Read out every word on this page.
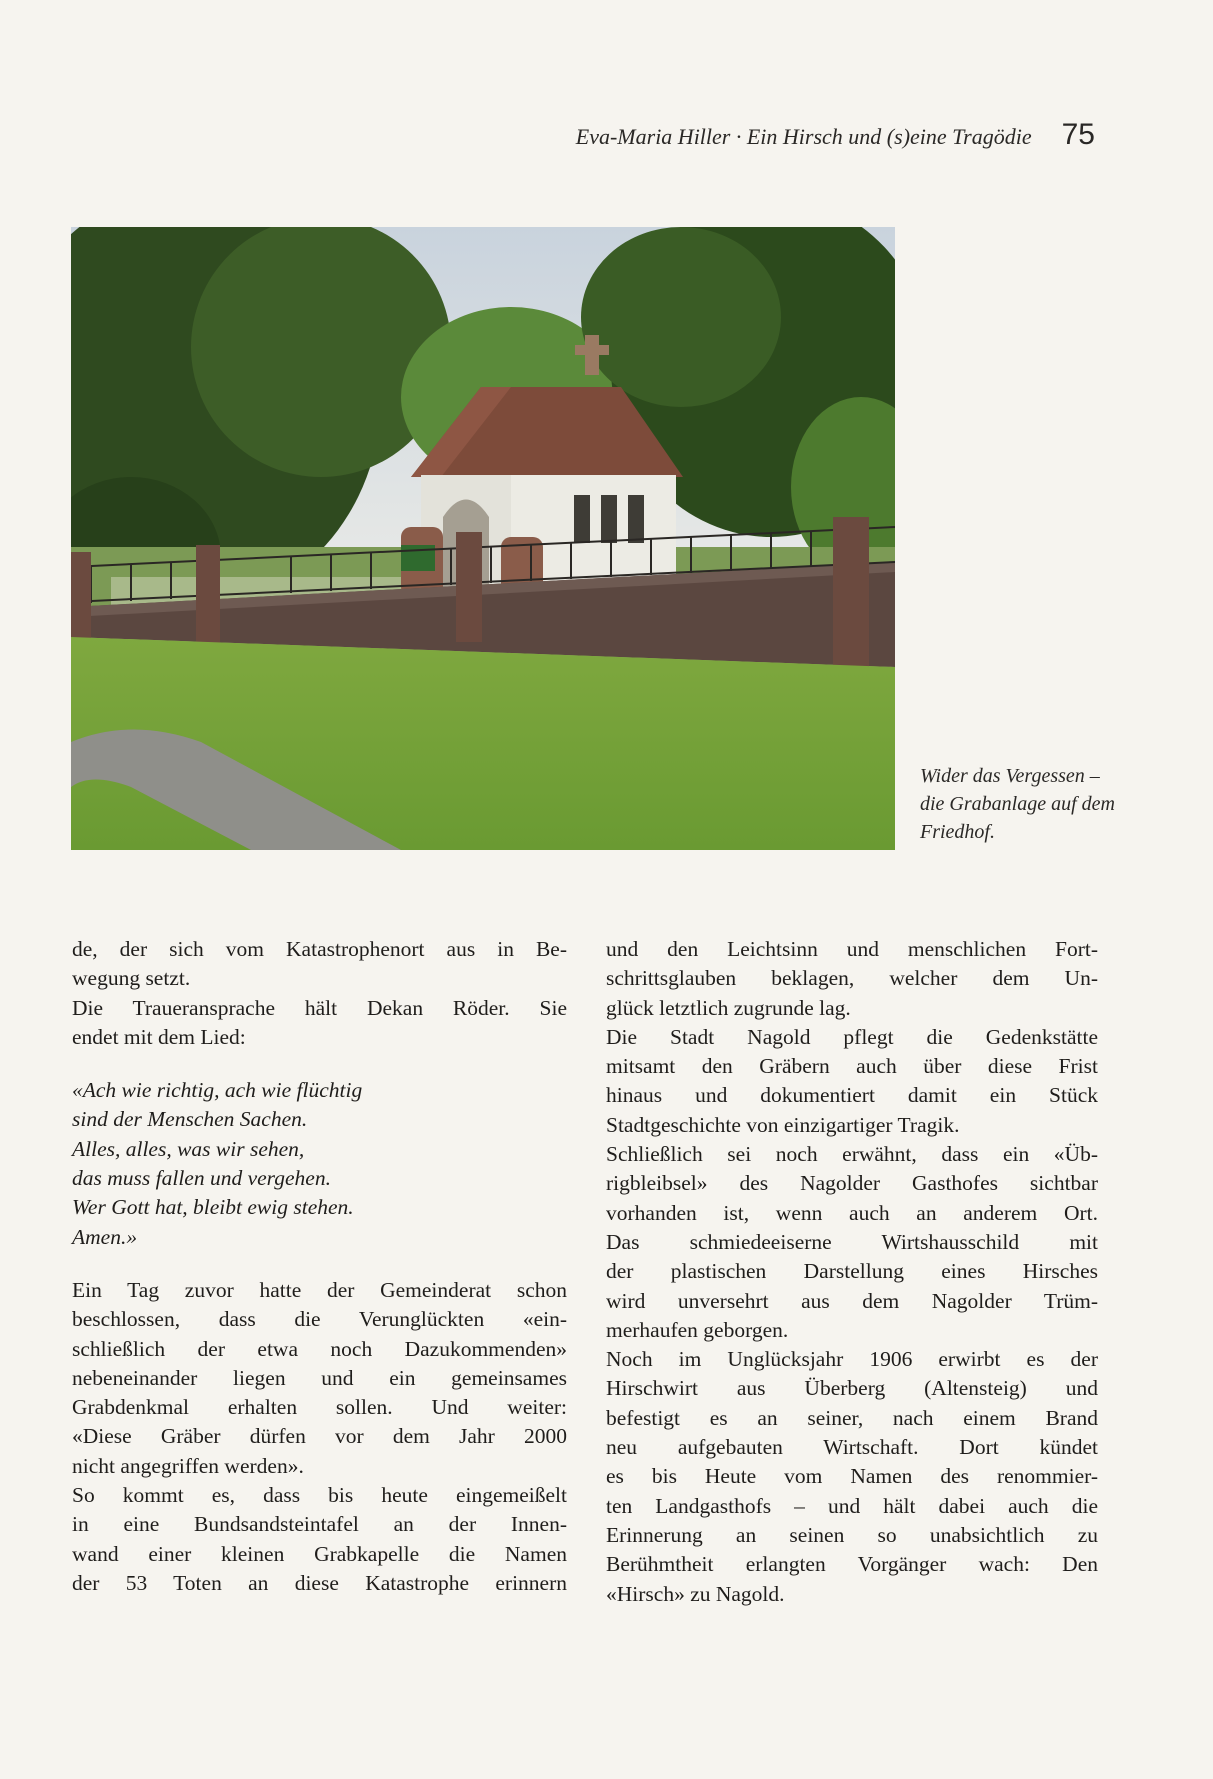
Eva-Maria Hiller · Ein Hirsch und (s)eine Tragödie 75
Wider das Vergessen –
die Grabanlage auf dem
Friedhof.
de, der sich vom Katastrophenort aus in Be-
wegung setzt.
Die Traueransprache hält Dekan Röder. Sie
endet mit dem Lied:
«Ach wie richtig, ach wie flüchtig
sind der Menschen Sachen.
Alles, alles, was wir sehen,
das muss fallen und vergehen.
Wer Gott hat, bleibt ewig stehen.
Amen.»
Ein Tag zuvor hatte der Gemeinderat schon
beschlossen, dass die Verunglückten «ein-
schließlich der etwa noch Dazukommenden»
nebeneinander liegen und ein gemeinsames
Grabdenkmal erhalten sollen. Und weiter:
«Diese Gräber dürfen vor dem Jahr 2000
nicht angegriffen werden».
So kommt es, dass bis heute eingemeißelt
in eine Bundsandsteintafel an der Innen-
wand einer kleinen Grabkapelle die Namen
der 53 Toten an diese Katastrophe erinnern
und den Leichtsinn und menschlichen Fort-
schrittsglauben beklagen, welcher dem Un-
glück letztlich zugrunde lag.
Die Stadt Nagold pflegt die Gedenkstätte
mitsamt den Gräbern auch über diese Frist
hinaus und dokumentiert damit ein Stück
Stadtgeschichte von einzigartiger Tragik.
Schließlich sei noch erwähnt, dass ein «Üb-
rigbleibsel» des Nagolder Gasthofes sichtbar
vorhanden ist, wenn auch an anderem Ort.
Das schmiedeeiserne Wirtshausschild mit
der plastischen Darstellung eines Hirsches
wird unversehrt aus dem Nagolder Trüm-
merhaufen geborgen.
Noch im Unglücksjahr 1906 erwirbt es der
Hirschwirt aus Überberg (Altensteig) und
befestigt es an seiner, nach einem Brand
neu aufgebauten Wirtschaft. Dort kündet
es bis Heute vom Namen des renommier-
ten Landgasthofs – und hält dabei auch die
Erinnerung an seinen so unabsichtlich zu
Berühmtheit erlangten Vorgänger wach: Den
«Hirsch» zu Nagold.
